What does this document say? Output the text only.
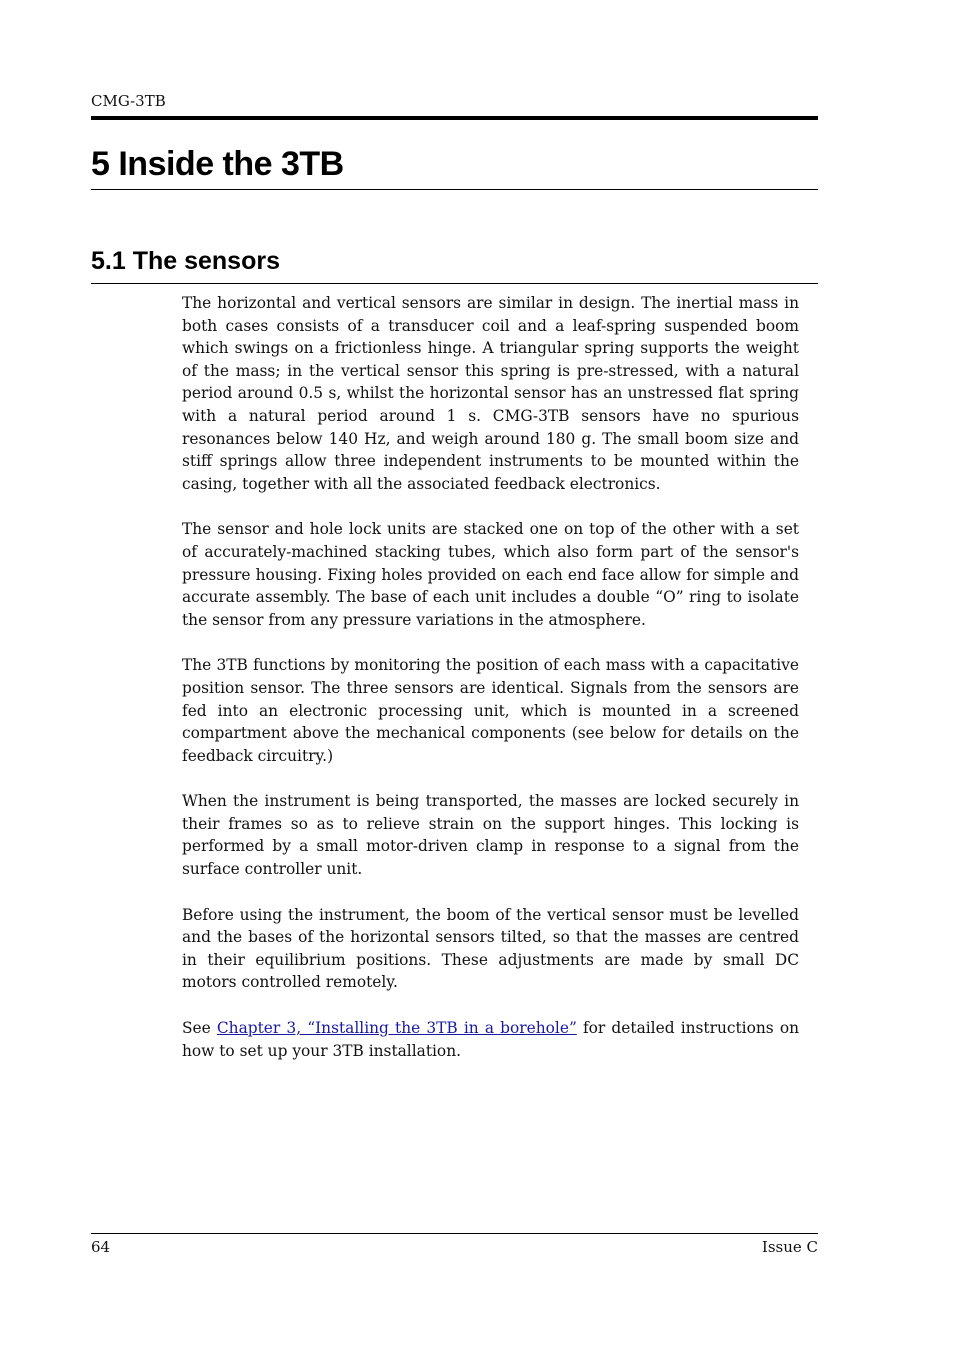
CMG-3TB
5 Inside the 3TB
5.1 The sensors

The horizontal and vertical sensors are similar in design. The inertial mass in both cases consists of a transducer coil and a leaf-spring suspended boom which swings on a frictionless hinge. A triangular spring supports the weight of the mass; in the vertical sensor this spring is pre-stressed, with a natural period around 0.5 s, whilst the horizontal sensor has an unstressed flat spring with a natural period around 1 s. CMG-3TB sensors have no spurious resonances below 140 Hz, and weigh around 180 g. The small boom size and stiff springs allow three independent instruments to be mounted within the casing, together with all the associated feedback electronics.

The sensor and hole lock units are stacked one on top of the other with a set of accurately-machined stacking tubes, which also form part of the sensor's pressure housing. Fixing holes provided on each end face allow for simple and accurate assembly. The base of each unit includes a double “O” ring to isolate the sensor from any pressure variations in the atmosphere.

The 3TB functions by monitoring the position of each mass with a capacitative position sensor. The three sensors are identical. Signals from the sensors are fed into an electronic processing unit, which is mounted in a screened compartment above the mechanical components (see below for details on the feedback circuitry.)

When the instrument is being transported, the masses are locked securely in their frames so as to relieve strain on the support hinges. This locking is performed by a small motor-driven clamp in response to a signal from the surface controller unit.

Before using the instrument, the boom of the vertical sensor must be levelled and the bases of the horizontal sensors tilted, so that the masses are centred in their equilibrium positions. These adjustments are made by small DC motors controlled remotely.

See Chapter 3, “Installing the 3TB in a borehole” for detailed instructions on how to set up your 3TB installation.

64	Issue C
